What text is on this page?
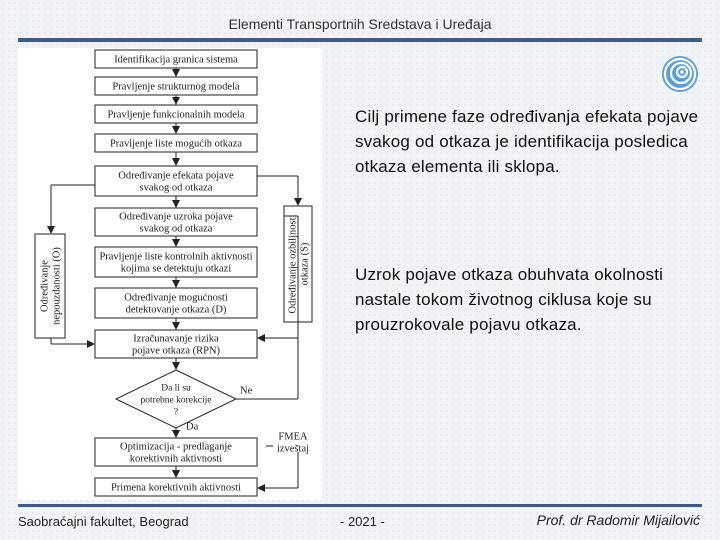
Elementi Transportnih Sredstava i Uređaja
Identifikacija granica sistema
Pravljenje strukturnog modela
Pravljenje funkcionalnih modela
Pravljenje liste mogućih otkaza
Određivanje efekata pojave svakog od otkaza
Određivanje uzroka pojave svakog od otkaza
Pravljenje liste kontrolnih aktivnosti kojima se detektuju otkazi
Određivanje mogućnosti detektovanje otkaza (D)
Izračunavanje rizika pojave otkaza (RPN)
Da li su potrebne korekcije ?
Da
Optimizacija - predlaganje korektivnih aktivnosti
Primena korektivnih aktivnosti
Ne
FMEA izveštaj
Određivanjenepouzdanosti (O)	Određivanje ozbiljnostiotkaza (S)
Cilj primene faze određivanja efekata pojave svakog od otkaza je identifikacija posledica otkaza elementa ili sklopa.
Uzrok pojave otkaza obuhvata okolnosti nastale tokom životnog ciklusa koje su prouzrokovale pojavu otkaza.
Saobraćajni fakultet, Beograd	- 2021 -	Prof. dr Radomir Mijailović
